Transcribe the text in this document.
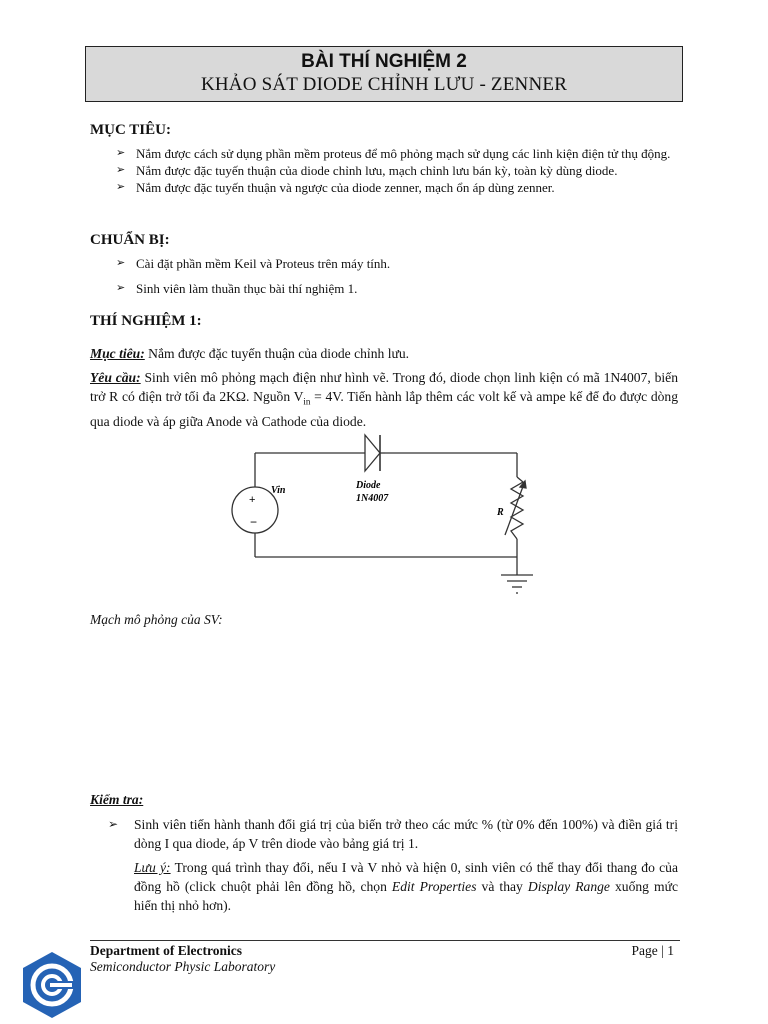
BÀI THÍ NGHIỆM 2
KHẢO SÁT DIODE CHỈNH LƯU - ZENNER
MỤC TIÊU:
➢ Nắm được cách sử dụng phần mềm proteus để mô phỏng mạch sử dụng các linh kiện điện tử thụ động.
➢ Nắm được đặc tuyến thuận của diode chỉnh lưu, mạch chỉnh lưu bán kỳ, toàn kỳ dùng diode.
➢ Nắm được đặc tuyến thuận và ngược của diode zenner, mạch ổn áp dùng zenner.
CHUẨN BỊ:
➢ Cài đặt phần mềm Keil và Proteus trên máy tính.
➢ Sinh viên làm thuần thục bài thí nghiệm 1.
THÍ NGHIỆM 1:
Mục tiêu: Nắm được đặc tuyến thuận của diode chỉnh lưu.
Yêu cầu: Sinh viên mô phỏng mạch điện như hình vẽ. Trong đó, diode chọn linh kiện có mã 1N4007, biến trở R có điện trở tối đa 2KΩ. Nguồn $V_{in} = 4V$. Tiến hành lắp thêm các volt kế và ampe kế để đo được dòng qua diode và áp giữa Anode và Cathode của diode.
+
−
Vin	Diode
1N4007
R
Mạch mô phỏng của SV:
Kiểm tra:
➢ Sinh viên tiến hành thanh đổi giá trị của biến trở theo các mức % (từ 0% đến 100%) và điền giá trị dòng I qua diode, áp V trên diode vào bảng giá trị 1.
Lưu ý: Trong quá trình thay đổi, nếu I và V nhỏ và hiện 0, sinh viên có thể thay đổi thang đo của đồng hồ (click chuột phải lên đồng hồ, chọn Edit Properties và thay Display Range xuống mức hiển thị nhỏ hơn).
Department of Electronics
Semiconductor Physic Laboratory
Page | 1
